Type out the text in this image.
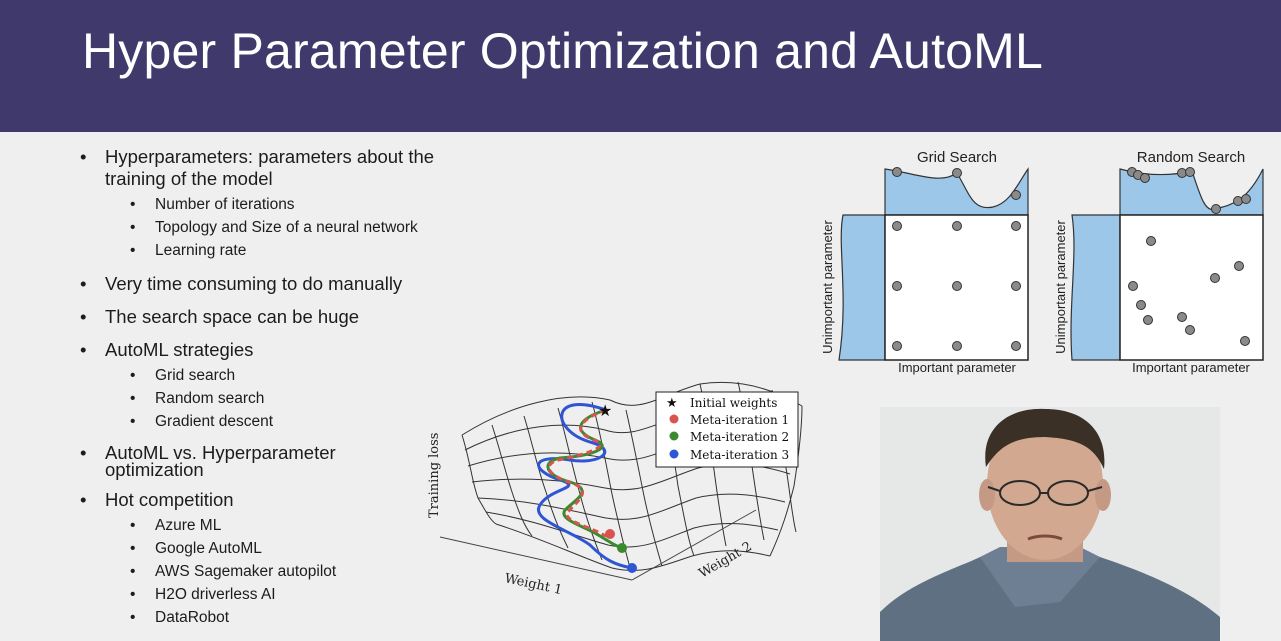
Hyper Parameter Optimization and AutoML
• Hyperparameters: parameters about the training of the model
• Number of iterations
• Topology and Size of a neural network
• Learning rate
• Very time consuming to do manually
• The search space can be huge
• AutoML strategies
• Grid search
• Random search
• Gradient descent
• AutoML vs. Hyperparameter optimization
• Hot competition
• Azure ML
• Google AutoML
• AWS Sagemaker autopilot
• H2O driverless AI
• DataRobot
★	★ Initial weights
Meta-iteration 1
Meta-iteration 2
Meta-iteration 3
Training loss
Weight 1
Weight 2
Grid Search
Important parameter
Unimportant parameter
Random Search
Important parameter
Unimportant parameter
